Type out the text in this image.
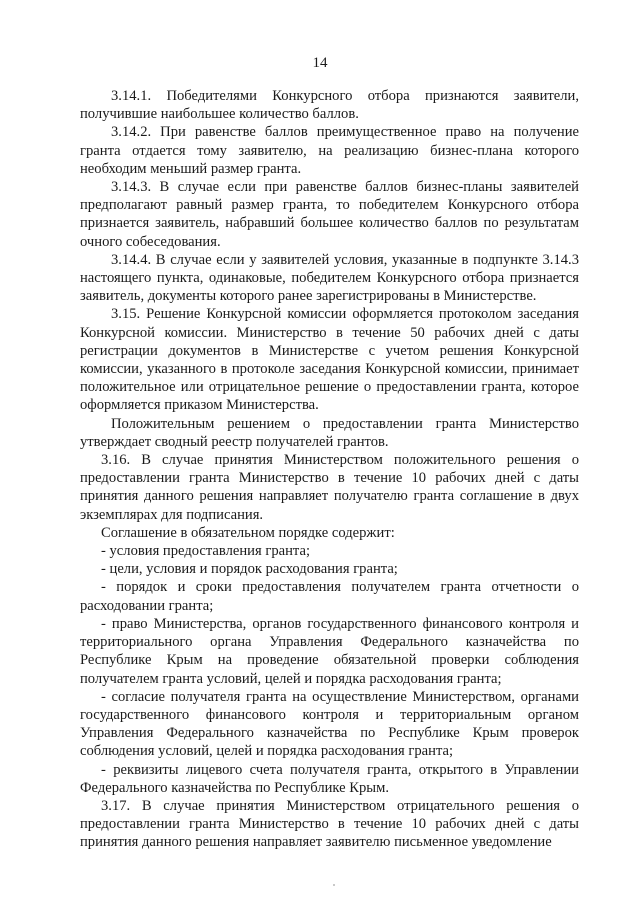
14

3.14.1. Победителями Конкурсного отбора признаются заявители, получившие наибольшее количество баллов.

3.14.2. При равенстве баллов преимущественное право на получение гранта отдается тому заявителю, на реализацию бизнес-плана которого необходим меньший размер гранта.

3.14.3. В случае если при равенстве баллов бизнес-планы заявителей предполагают равный размер гранта, то победителем Конкурсного отбора признается заявитель, набравший большее количество баллов по результатам очного собеседования.

3.14.4. В случае если у заявителей условия, указанные в подпункте 3.14.3 настоящего пункта, одинаковые, победителем Конкурсного отбора признается заявитель, документы которого ранее зарегистрированы в Министерстве.

3.15. Решение Конкурсной комиссии оформляется протоколом заседания Конкурсной комиссии. Министерство в течение 50 рабочих дней с даты регистрации документов в Министерстве с учетом решения Конкурсной комиссии, указанного в протоколе заседания Конкурсной комиссии, принимает положительное или отрицательное решение о предоставлении гранта, которое оформляется приказом Министерства.

Положительным решением о предоставлении гранта Министерство утверждает сводный реестр получателей грантов.

3.16. В случае принятия Министерством положительного решения о предоставлении гранта Министерство в течение 10 рабочих дней с даты принятия данного решения направляет получателю гранта соглашение в двух экземплярах для подписания.

Соглашение в обязательном порядке содержит:

- условия предоставления гранта;

- цели, условия и порядок расходования гранта;

- порядок и сроки предоставления получателем гранта отчетности о расходовании гранта;

- право Министерства, органов государственного финансового контроля и территориального органа Управления Федерального казначейства по Республике Крым на проведение обязательной проверки соблюдения получателем гранта условий, целей и порядка расходования гранта;

- согласие получателя гранта на осуществление Министерством, органами государственного финансового контроля и территориальным органом Управления Федерального казначейства по Республике Крым проверок соблюдения условий, целей и порядка расходования гранта;

- реквизиты лицевого счета получателя гранта, открытого в Управлении Федерального казначейства по Республике Крым.

3.17. В случае принятия Министерством отрицательного решения о предоставлении гранта Министерство в течение 10 рабочих дней с даты принятия данного решения направляет заявителю письменное уведомление
